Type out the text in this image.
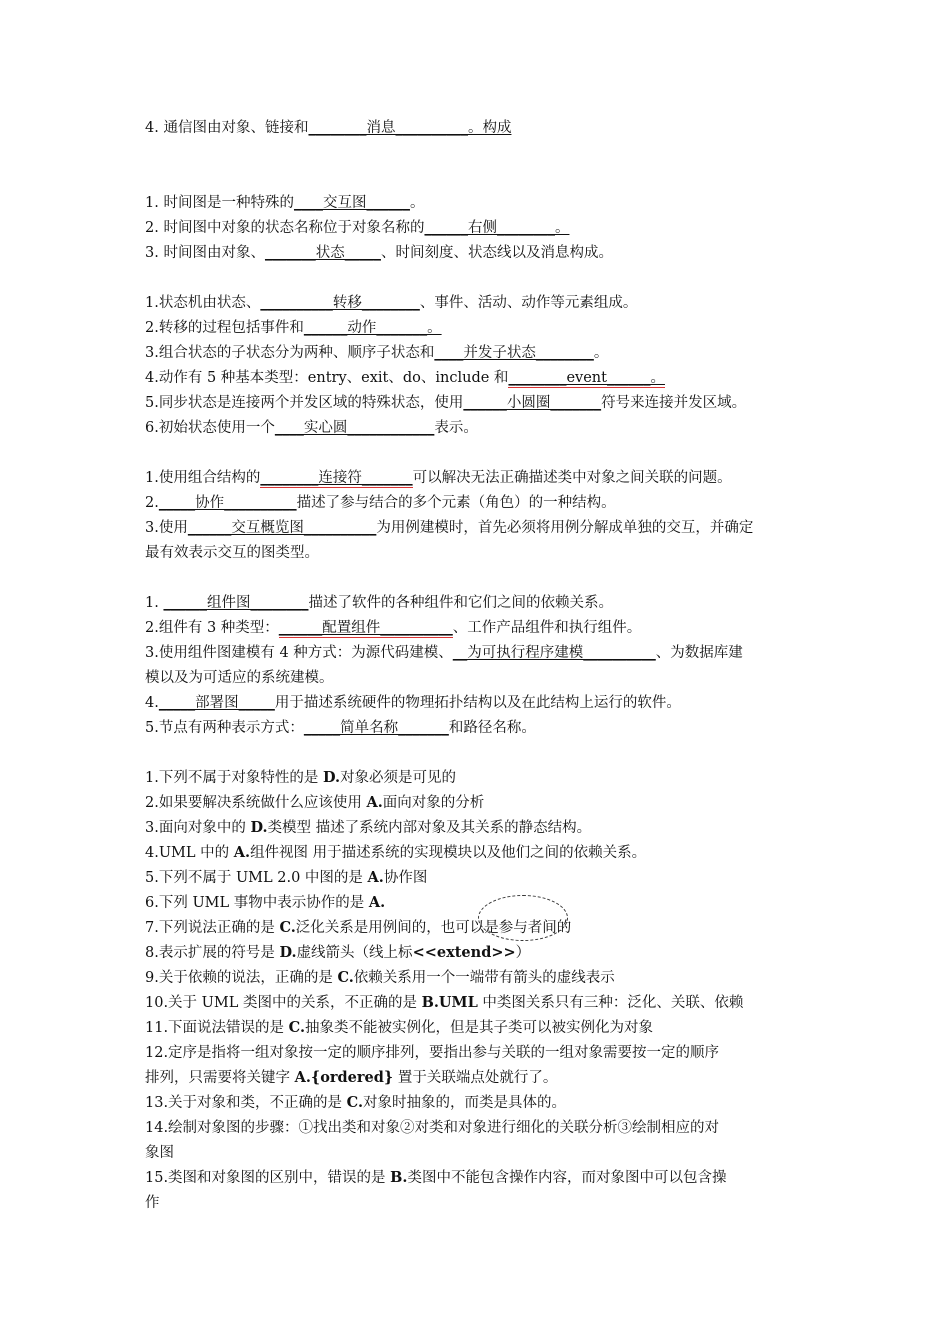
4. 通信图由对象、链接和________消息__________。构成
1. 时间图是一种特殊的____交互图______。
2. 时间图中对象的状态名称位于对象名称的______右侧________。
3. 时间图由对象、_______状态_____、时间刻度、状态线以及消息构成。
1.状态机由状态、__________转移________、事件、活动、动作等元素组成。
2.转移的过程包括事件和______动作_______。
3.组合状态的子状态分为两种、顺序子状态和____并发子状态________。
4.动作有 5 种基本类型：entry、exit、do、include 和________event______。
5.同步状态是连接两个并发区域的特殊状态，使用______小圆圈_______符号来连接并发区域。
6.初始状态使用一个____实心圆____________表示。
1.使用组合结构的________连接符_______可以解决无法正确描述类中对象之间关联的问题。
2._____协作__________描述了参与结合的多个元素（角色）的一种结构。
3.使用______交互概览图__________为用例建模时，首先必须将用例分解成单独的交互，并确定
最有效表示交互的图类型。
1. ______组件图________描述了软件的各种组件和它们之间的依赖关系。
2.组件有 3 种类型：______配置组件__________、工作产品组件和执行组件。
3.使用组件图建模有 4 种方式：为源代码建模、__为可执行程序建模__________、为数据库建
模以及为可适应的系统建模。
4._____部署图_____用于描述系统硬件的物理拓扑结构以及在此结构上运行的软件。
5.节点有两种表示方式：_____简单名称_______和路径名称。
1.下列不属于对象特性的是 D.对象必须是可见的
2.如果要解决系统做什么应该使用 A.面向对象的分析
3.面向对象中的 D.类模型 描述了系统内部对象及其关系的静态结构。
4.UML 中的 A.组件视图 用于描述系统的实现模块以及他们之间的依赖关系。
5.下列不属于 UML 2.0 中图的是 A.协作图
6.下列 UML 事物中表示协作的是 A.
7.下列说法正确的是 C.泛化关系是用例间的，也可以是参与者间的
8.表示扩展的符号是 D.虚线箭头（线上标<<extend>>）
9.关于依赖的说法，正确的是 C.依赖关系用一个一端带有箭头的虚线表示
10.关于 UML 类图中的关系，不正确的是 B.UML 中类图关系只有三种：泛化、关联、依赖
11.下面说法错误的是 C.抽象类不能被实例化，但是其子类可以被实例化为对象
12.定序是指将一组对象按一定的顺序排列，要指出参与关联的一组对象需要按一定的顺序
排列，只需要将关键字 A.{ordered} 置于关联端点处就行了。
13.关于对象和类，不正确的是 C.对象时抽象的，而类是具体的。
14.绘制对象图的步骤：①找出类和对象②对类和对象进行细化的关联分析③绘制相应的对
象图
15.类图和对象图的区别中，错误的是 B.类图中不能包含操作内容，而对象图中可以包含操
作
